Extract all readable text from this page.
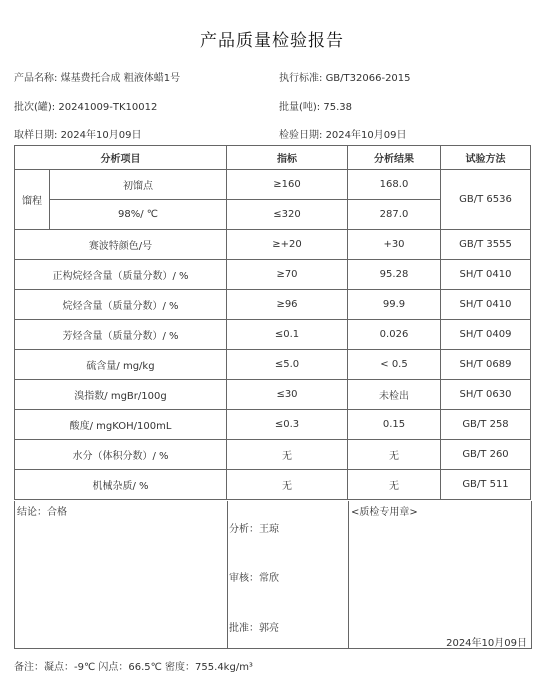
产品质量检验报告
产品名称: 煤基费托合成 粗液体蜡1号	执行标准: GB/T32066-2015
批次(罐): 20241009-TK10012	批量(吨): 75.38
取样日期: 2024年10月09日	检验日期: 2024年10月09日
分析项目		指标	分析结果	试验方法
馏程	初馏点	≥160	168.0	GB/T 6536
	98%/ ℃	≤320	287.0	
赛波特颜色/号		≥+20	+30	GB/T 3555
正构烷烃含量（质量分数）/ %		≥70	95.28	SH/T 0410
烷烃含量（质量分数）/ %		≥96	99.9	SH/T 0410
芳烃含量（质量分数）/ %		≤0.1	0.026	SH/T 0409
硫含量/ mg/kg		≤5.0	< 0.5	SH/T 0689
溴指数/ mgBr/100g		≤30	未检出	SH/T 0630
酸度/ mgKOH/100mL		≤0.3	0.15	GB/T 258
水分（体积分数）/ %		无	无	GB/T 260
机械杂质/ %		无	无	GB/T 511
结论：合格
分析：王琼
审核：常欣
批准：郭亮
<质检专用章>
2024年10月09日
备注：凝点：-9℃ 闪点：66.5℃ 密度：755.4kg/m³
